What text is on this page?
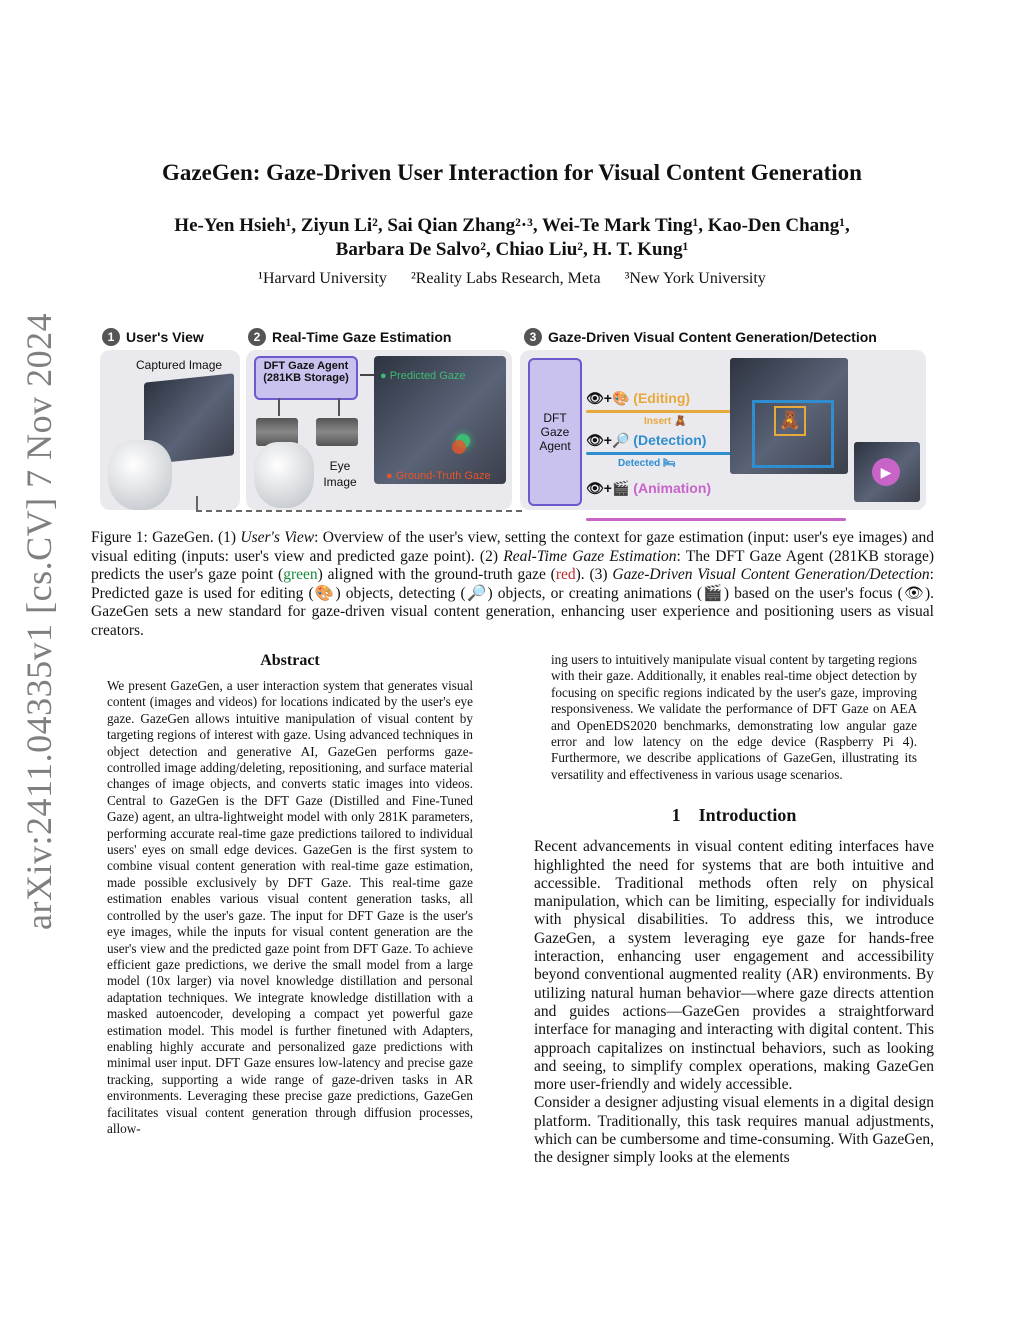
arXiv:2411.04335v1 [cs.CV] 7 Nov 2024
GazeGen: Gaze-Driven User Interaction for Visual Content Generation
He-Yen Hsieh¹, Ziyun Li², Sai Qian Zhang²·³, Wei-Te Mark Ting¹, Kao-Den Chang¹,
Barbara De Salvo², Chiao Liu², H. T. Kung¹
¹Harvard University ²Reality Labs Research, Meta ³New York University
1 User's View	2 Real-Time Gaze Estimation	3 Gaze-Driven Visual Content Generation/Detection
Captured Image	DFT Gaze Agent
(281KB Storage)
Eye
Image
● Predicted Gaze
● Ground-Truth Gaze
DFT
Gaze
Agent
👁+🎨 (Editing)
Insert 🧸
👁+🔎 (Detection)
Detected 🛏
👁+🎬 (Animation)
🧸
▶
Figure 1: GazeGen. (1) User's View: Overview of the user's view, setting the context for gaze estimation (input: user's eye images) and visual editing (inputs: user's view and predicted gaze point). (2) Real-Time Gaze Estimation: The DFT Gaze Agent (281KB storage) predicts the user's gaze point (green) aligned with the ground-truth gaze (red). (3) Gaze-Driven Visual Content Generation/Detection: Predicted gaze is used for editing (🎨) objects, detecting (🔎) objects, or creating animations (🎬) based on the user's focus (👁). GazeGen sets a new standard for gaze-driven visual content generation, enhancing user experience and positioning users as visual creators.
Abstract
We present GazeGen, a user interaction system that generates visual content (images and videos) for locations indicated by the user's eye gaze. GazeGen allows intuitive manipulation of visual content by targeting regions of interest with gaze. Using advanced techniques in object detection and generative AI, GazeGen performs gaze-controlled image adding/deleting, repositioning, and surface material changes of image objects, and converts static images into videos. Central to GazeGen is the DFT Gaze (Distilled and Fine-Tuned Gaze) agent, an ultra-lightweight model with only 281K parameters, performing accurate real-time gaze predictions tailored to individual users' eyes on small edge devices. GazeGen is the first system to combine visual content generation with real-time gaze estimation, made possible exclusively by DFT Gaze. This real-time gaze estimation enables various visual content generation tasks, all controlled by the user's gaze. The input for DFT Gaze is the user's eye images, while the inputs for visual content generation are the user's view and the predicted gaze point from DFT Gaze. To achieve efficient gaze predictions, we derive the small model from a large model (10x larger) via novel knowledge distillation and personal adaptation techniques. We integrate knowledge distillation with a masked autoencoder, developing a compact yet powerful gaze estimation model. This model is further finetuned with Adapters, enabling highly accurate and personalized gaze predictions with minimal user input. DFT Gaze ensures low-latency and precise gaze tracking, supporting a wide range of gaze-driven tasks in AR environments. Leveraging these precise gaze predictions, GazeGen facilitates visual content generation through diffusion processes, allow-
ing users to intuitively manipulate visual content by targeting regions with their gaze. Additionally, it enables real-time object detection by focusing on specific regions indicated by the user's gaze, improving responsiveness. We validate the performance of DFT Gaze on AEA and OpenEDS2020 benchmarks, demonstrating low angular gaze error and low latency on the edge device (Raspberry Pi 4). Furthermore, we describe applications of GazeGen, illustrating its versatility and effectiveness in various usage scenarios.
1    Introduction

Recent advancements in visual content editing interfaces have highlighted the need for systems that are both intuitive and accessible. Traditional methods often rely on physical manipulation, which can be limiting, especially for individuals with physical disabilities. To address this, we introduce GazeGen, a system leveraging eye gaze for hands-free interaction, enhancing user engagement and accessibility beyond conventional augmented reality (AR) environments. By utilizing natural human behavior—where gaze directs attention and guides actions—GazeGen provides a straightforward interface for managing and interacting with digital content. This approach capitalizes on instinctual behaviors, such as looking and seeing, to simplify complex operations, making GazeGen more user-friendly and widely accessible.

Consider a designer adjusting visual elements in a digital design platform. Traditionally, this task requires manual adjustments, which can be cumbersome and time-consuming. With GazeGen, the designer simply looks at the elements
